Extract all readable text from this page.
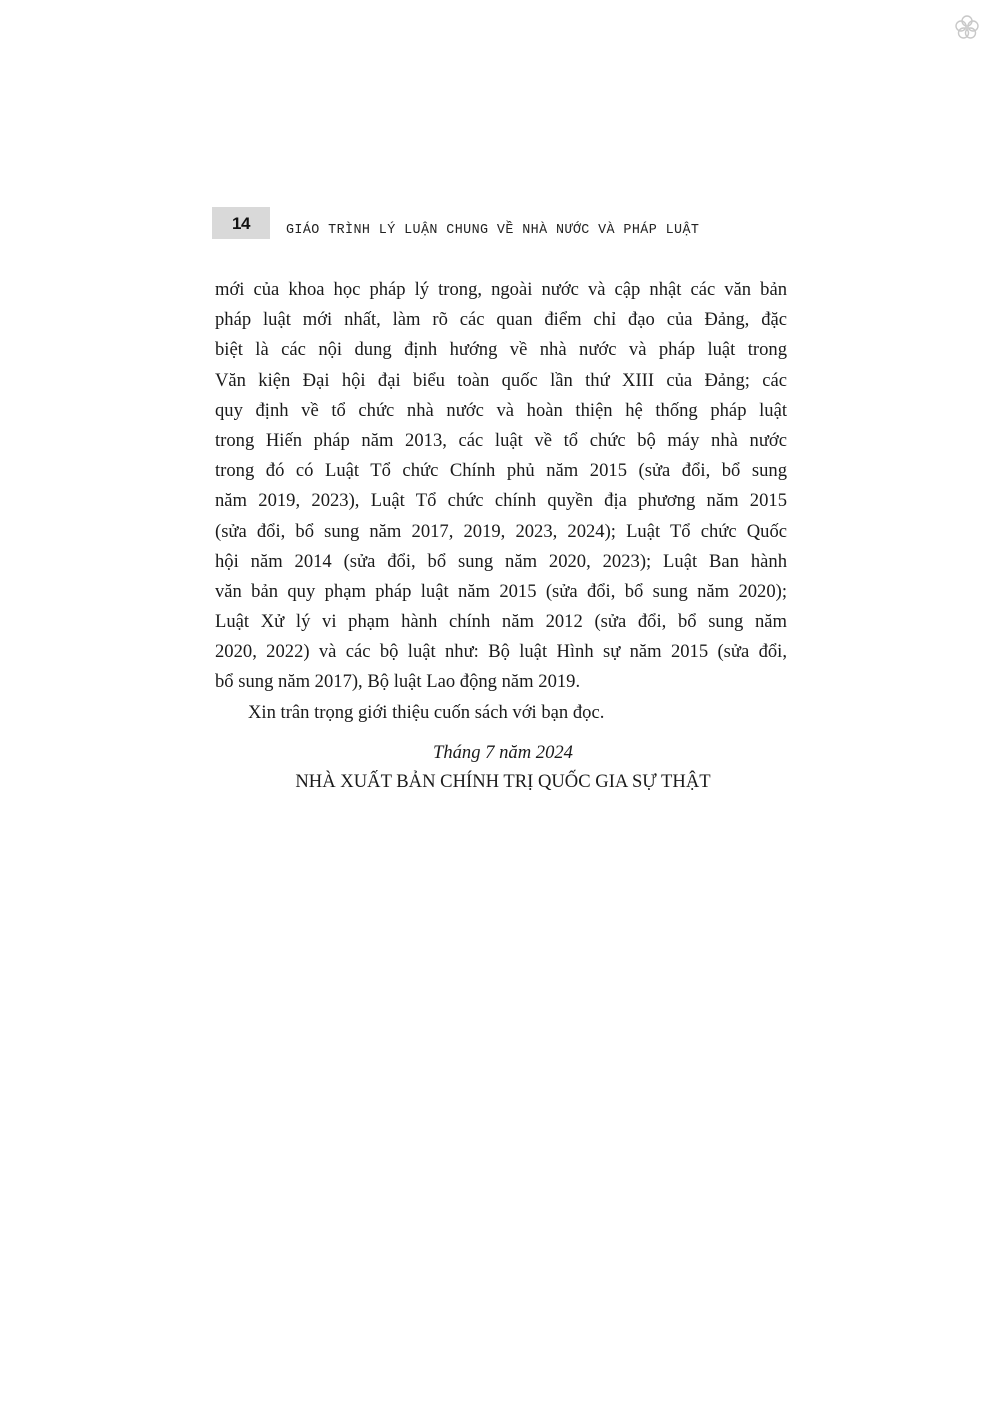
14	GIÁO TRÌNH LÝ LUẬN CHUNG VỀ NHÀ NƯỚC VÀ PHÁP LUẬT
mới của khoa học pháp lý trong, ngoài nước và cập nhật các văn bản
pháp luật mới nhất, làm rõ các quan điểm chỉ đạo của Đảng, đặc
biệt là các nội dung định hướng về nhà nước và pháp luật trong
Văn kiện Đại hội đại biểu toàn quốc lần thứ XIII của Đảng; các
quy định về tổ chức nhà nước và hoàn thiện hệ thống pháp luật
trong Hiến pháp năm 2013, các luật về tổ chức bộ máy nhà nước
trong đó có Luật Tổ chức Chính phủ năm 2015 (sửa đổi, bổ sung
năm 2019, 2023), Luật Tổ chức chính quyền địa phương năm 2015
(sửa đổi, bổ sung năm 2017, 2019, 2023, 2024); Luật Tổ chức Quốc
hội năm 2014 (sửa đổi, bổ sung năm 2020, 2023); Luật Ban hành
văn bản quy phạm pháp luật năm 2015 (sửa đổi, bổ sung năm 2020);
Luật Xử lý vi phạm hành chính năm 2012 (sửa đổi, bổ sung năm
2020, 2022) và các bộ luật như: Bộ luật Hình sự năm 2015 (sửa đổi,
bổ sung năm 2017), Bộ luật Lao động năm 2019.
Xin trân trọng giới thiệu cuốn sách với bạn đọc.
Tháng 7 năm 2024
NHÀ XUẤT BẢN CHÍNH TRỊ QUỐC GIA SỰ THẬT
